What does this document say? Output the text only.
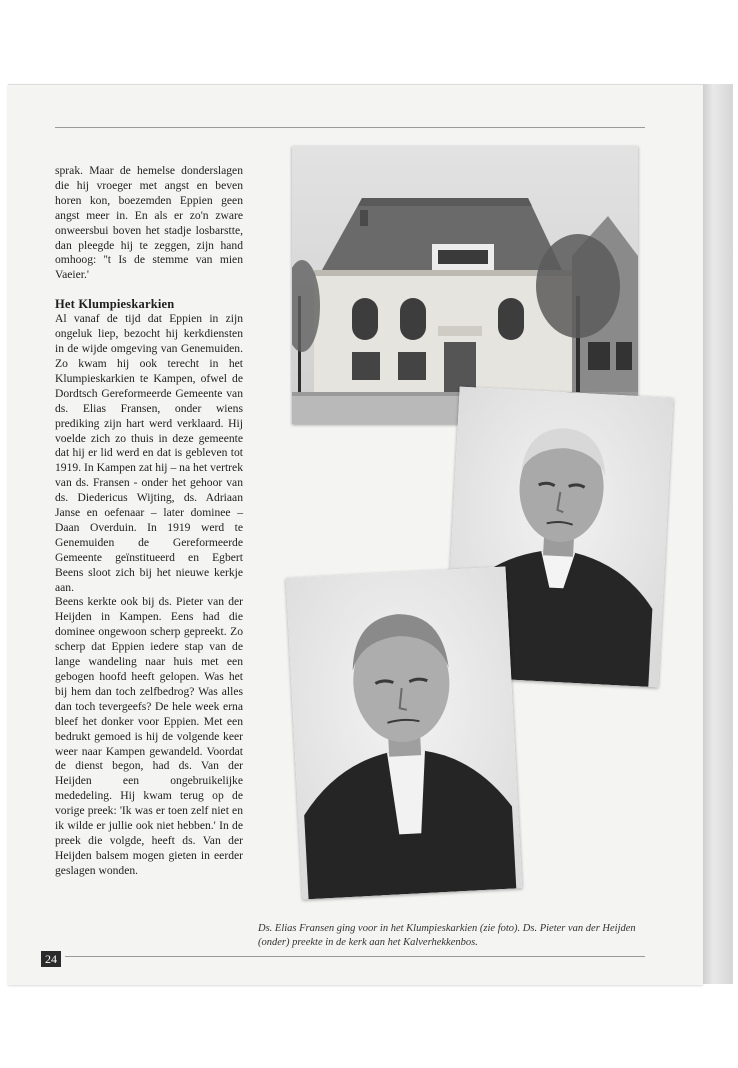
sprak. Maar de hemelse donderslagen die hij vroeger met angst en beven horen kon, boezemden Eppien geen angst meer in. En als er zo'n zware onweersbui boven het stadje losbarstte, dan pleegde hij te zeggen, zijn hand omhoog: ''t Is de stemme van mien Vaeier.'

Het Klumpieskarkien

Al vanaf de tijd dat Eppien in zijn ongeluk liep, bezocht hij kerkdiensten in de wijde omgeving van Genemuiden. Zo kwam hij ook terecht in het Klumpieskarkien te Kampen, ofwel de Dordtsch Gereformeerde Gemeente van ds. Elias Fransen, onder wiens prediking zijn hart werd verklaard. Hij voelde zich zo thuis in deze gemeente dat hij er lid werd en dat is gebleven tot 1919. In Kampen zat hij – na het vertrek van ds. Fransen - onder het gehoor van ds. Diedericus Wijting, ds. Adriaan Janse en oefenaar – later dominee – Daan Overduin. In 1919 werd te Genemuiden de Gereformeerde Gemeente geïnstitueerd en Egbert Beens sloot zich bij het nieuwe kerkje aan.

Beens kerkte ook bij ds. Pieter van der Heijden in Kampen. Eens had die dominee ongewoon scherp gepreekt. Zo scherp dat Eppien iedere stap van de lange wandeling naar huis met een gebogen hoofd heeft gelopen. Was het bij hem dan toch zelfbedrog? Was alles dan toch tevergeefs? De hele week erna bleef het donker voor Eppien. Met een bedrukt gemoed is hij de volgende keer weer naar Kampen gewandeld. Voordat de dienst begon, had ds. Van der Heijden een ongebruikelijke mededeling. Hij kwam terug op de vorige preek: 'Ik was er toen zelf niet en ik wilde er jullie ook niet hebben.' In de preek die volgde, heeft ds. Van der Heijden balsem mogen gieten in eerder geslagen wonden.

Ds. Elias Fransen ging voor in het Klumpieskarkien (zie foto). Ds. Pieter van der Heijden (onder) preekte in de kerk aan het Kalverhekkenbos.
24
